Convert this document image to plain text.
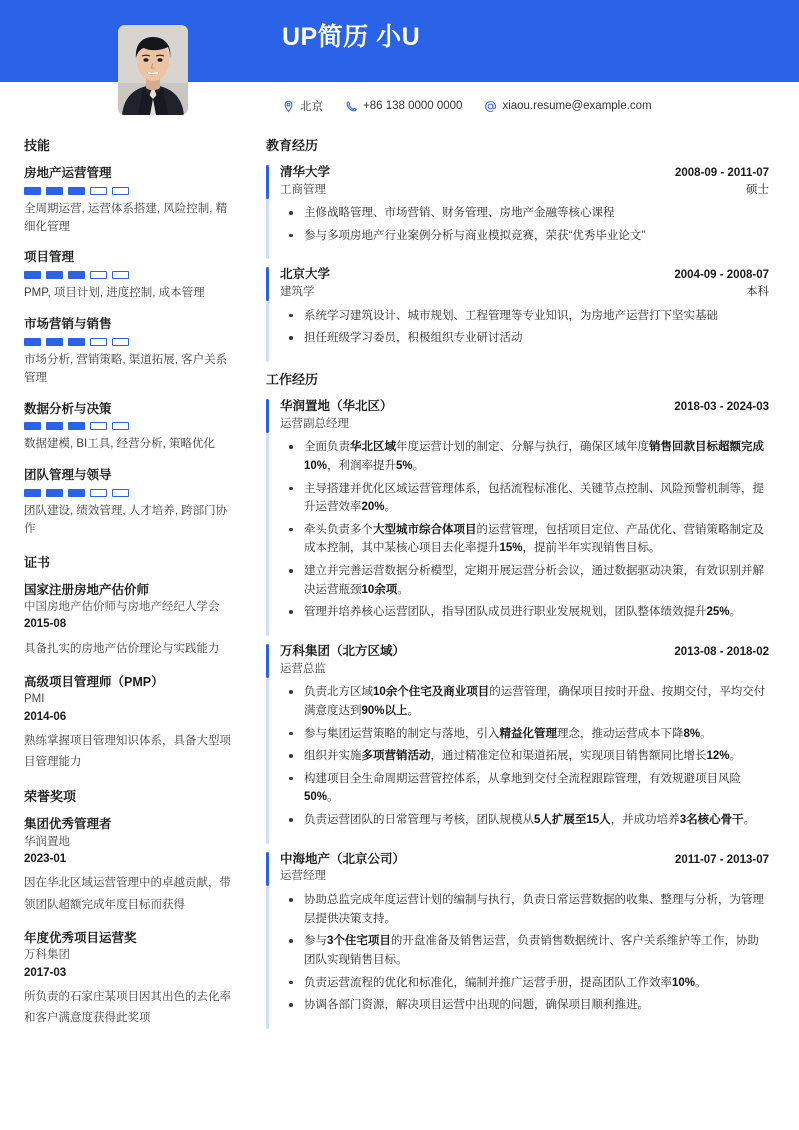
UP简历 小U
北京	+86 138 0000 0000	xiaou.resume@example.com
技能
房地产运营管理
全周期运营, 运营体系搭建, 风险控制, 精细化管理
项目管理
PMP, 项目计划, 进度控制, 成本管理
市场营销与销售
市场分析, 营销策略, 渠道拓展, 客户关系管理
数据分析与决策
数据建模, BI工具, 经营分析, 策略优化
团队管理与领导
团队建设, 绩效管理, 人才培养, 跨部门协作
证书
国家注册房地产估价师
中国房地产估价师与房地产经纪人学会
2015-08
具备扎实的房地产估价理论与实践能力
高级项目管理师（PMP）
PMI
2014-06
熟练掌握项目管理知识体系，具备大型项目管理能力
荣誉奖项
集团优秀管理者
华润置地
2023-01
因在华北区域运营管理中的卓越贡献，带领团队超额完成年度目标而获得
年度优秀项目运营奖
万科集团
2017-03
所负责的石家庄某项目因其出色的去化率和客户满意度获得此奖项
教育经历
清华大学	2008-09 - 2011-07
工商管理	硕士
主修战略管理、市场营销、财务管理、房地产金融等核心课程
参与多项房地产行业案例分析与商业模拟竞赛，荣获“优秀毕业论文”
北京大学	2004-09 - 2008-07
建筑学	本科
系统学习建筑设计、城市规划、工程管理等专业知识，为房地产运营打下坚实基础
担任班级学习委员，积极组织专业研讨活动
工作经历
华润置地（华北区）	2018-03 - 2024-03
运营副总经理
全面负责华北区域年度运营计划的制定、分解与执行，确保区域年度销售回款目标超额完成10%，利润率提升5%。
主导搭建并优化区域运营管理体系，包括流程标准化、关键节点控制、风险预警机制等，提升运营效率20%。
牵头负责多个大型城市综合体项目的运营管理，包括项目定位、产品优化、营销策略制定及成本控制，其中某核心项目去化率提升15%，提前半年实现销售目标。
建立并完善运营数据分析模型，定期开展运营分析会议，通过数据驱动决策，有效识别并解决运营瓶颈10余项。
管理并培养核心运营团队，指导团队成员进行职业发展规划，团队整体绩效提升25%。
万科集团（北方区域）	2013-08 - 2018-02
运营总监
负责北方区域10余个住宅及商业项目的运营管理，确保项目按时开盘、按期交付，平均交付满意度达到90%以上。
参与集团运营策略的制定与落地，引入精益化管理理念，推动运营成本下降8%。
组织并实施多项营销活动，通过精准定位和渠道拓展，实现项目销售额同比增长12%。
构建项目全生命周期运营管控体系，从拿地到交付全流程跟踪管理，有效规避项目风险50%。
负责运营团队的日常管理与考核，团队规模从5人扩展至15人，并成功培养3名核心骨干。
中海地产（北京公司）	2011-07 - 2013-07
运营经理
协助总监完成年度运营计划的编制与执行，负责日常运营数据的收集、整理与分析，为管理层提供决策支持。
参与3个住宅项目的开盘准备及销售运营，负责销售数据统计、客户关系维护等工作，协助团队实现销售目标。
负责运营流程的优化和标准化，编制并推广运营手册，提高团队工作效率10%。
协调各部门资源，解决项目运营中出现的问题，确保项目顺利推进。
